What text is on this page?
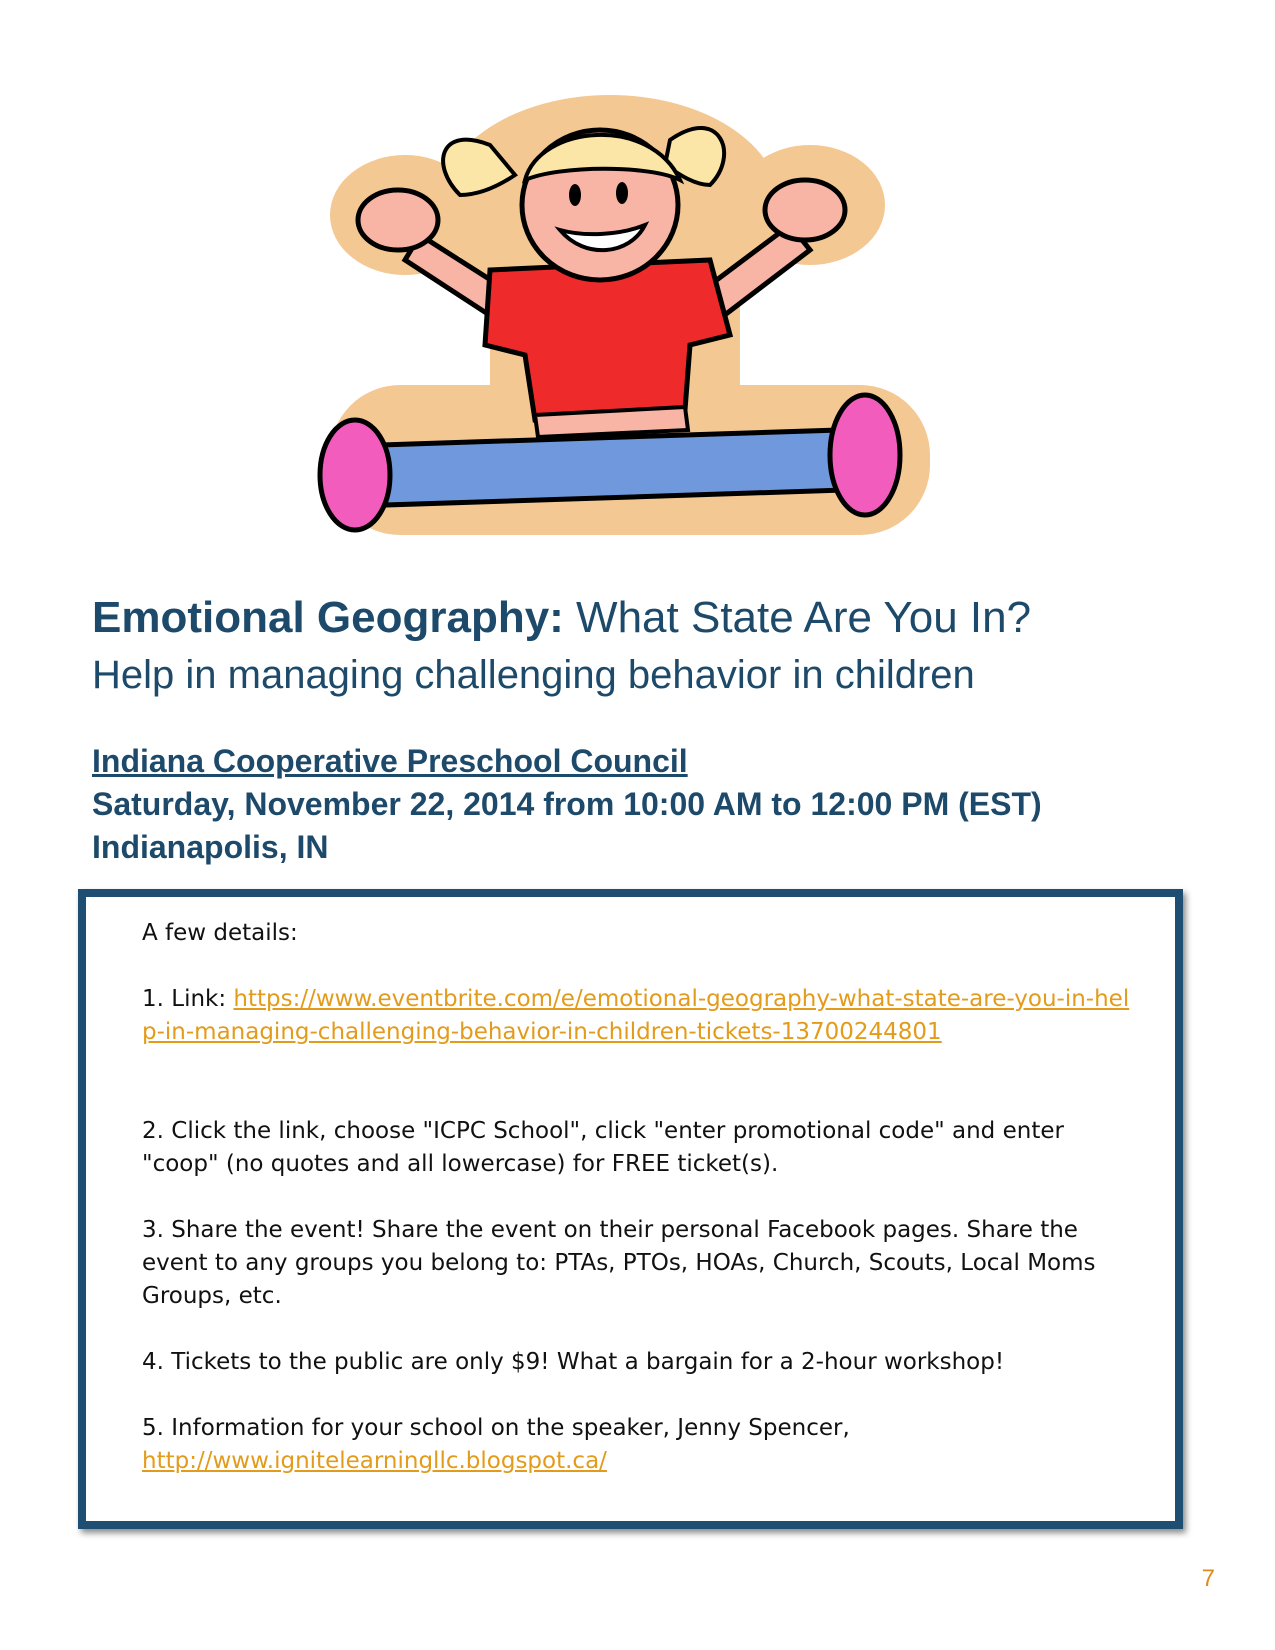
Emotional Geography: What State Are You In?
Help in managing challenging behavior in children
Indiana Cooperative Preschool Council
Saturday, November 22, 2014 from 10:00 AM to 12:00 PM (EST)
Indianapolis, IN

A few details:

1. Link: https://www.eventbrite.com/e/emotional-geography-what-state-are-you-in-help-in-managing-challenging-behavior-in-children-tickets-13700244801

2. Click the link, choose "ICPC School", click "enter promotional code" and enter "coop" (no quotes and all lowercase) for FREE ticket(s).

3. Share the event! Share the event on their personal Facebook pages. Share the event to any groups you belong to: PTAs, PTOs, HOAs, Church, Scouts, Local Moms Groups, etc.

4. Tickets to the public are only $9! What a bargain for a 2-hour workshop!

5. Information for your school on the speaker, Jenny Spencer,

http://www.ignitelearningllc.blogspot.ca/

7
